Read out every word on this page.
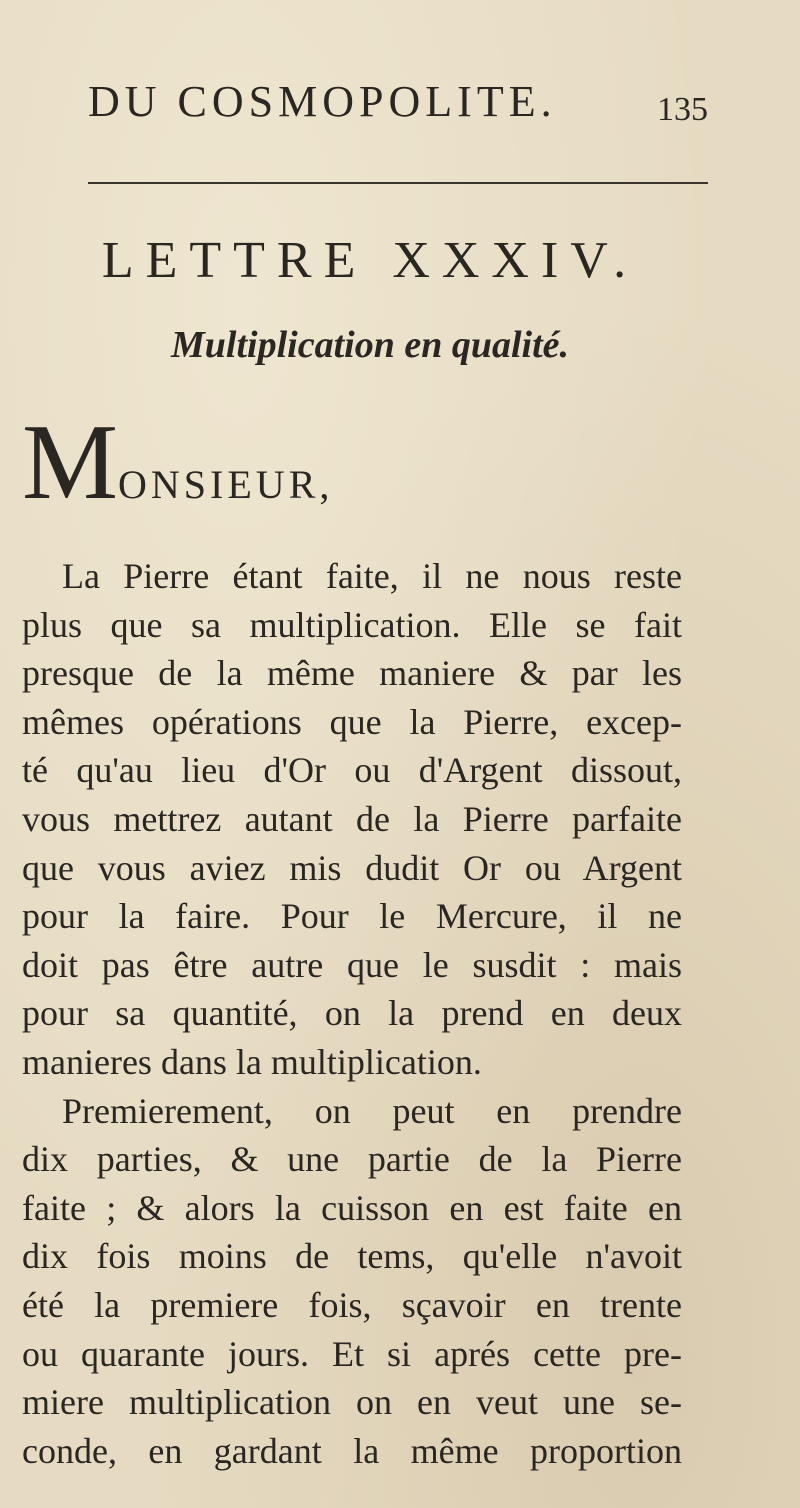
DU COSMOPOLITE.	135
LETTRE XXXIV.
Multiplication en qualité.
MONSIEUR,
La Pierre étant faite, il ne nous reste
plus que sa multiplication. Elle se fait
presque de la même maniere & par les
mêmes opérations que la Pierre, excep-
té qu'au lieu d'Or ou d'Argent dissout,
vous mettrez autant de la Pierre parfaite
que vous aviez mis dudit Or ou Argent
pour la faire. Pour le Mercure, il ne
doit pas être autre que le susdit : mais
pour sa quantité, on la prend en deux
manieres dans la multiplication.
Premierement, on peut en prendre
dix parties, & une partie de la Pierre
faite ; & alors la cuisson en est faite en
dix fois moins de tems, qu'elle n'avoit
été la premiere fois, sçavoir en trente
ou quarante jours. Et si aprés cette pre-
miere multiplication on en veut une se-
conde, en gardant la même proportion
